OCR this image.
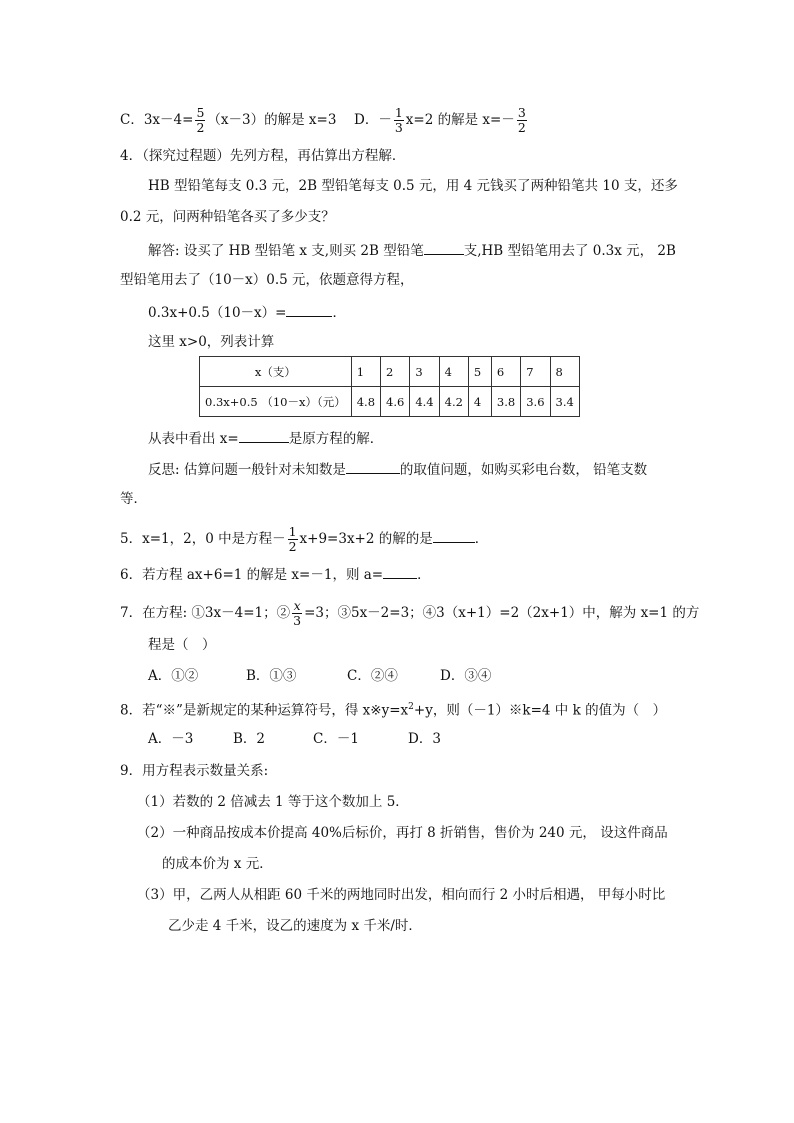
C．$3x-4= \frac{5}{2} (x-3)$的解是 x=3 D．－ $\frac{1}{3} x=2$ 的解是 $x=- \frac{3}{2}$
4．（探究过程题）先列方程，再估算出方程解．
HB 型铅笔每支 0.3 元，2B 型铅笔每支 0.5 元，用 4 元钱买了两种铅笔共 10 支，还多
0.2 元，问两种铅笔各买了多少支？
解答: 设买了 HB 型铅笔 x 支,则买 2B 型铅笔	支,HB 型铅笔用去了 0.3x 元， 2B
型铅笔用去了（10－x）0.5 元，依题意得方程，
0.3x+0.5（10－x）=	．
这里 x>0，列表计算
x（支）	1	2	3	4	5	6	7	8
0.3x+0.5 （10－x）（元）	4.8	4.6	4.4	4.2	4	3.8	3.6	3.4
从表中看出 x=	是原方程的解．
反思: 估算问题一般针对未知数是	的取值问题，如购买彩电台数， 铅笔支数
等．
5．x=1，2，0 中是方程－ $\frac{1}{2} x+9=3x+2$ 的解的是	．
6．若方程 ax+6=1 的解是 x=－1，则 a=	．
7．在方程: ①3x－4=1；② $\frac{x}{3} =3$；③5x－2=3；④3（x+1）=2（2x+1）中，解为 x=1 的方
程是（　）
A．①②	B．①③	C．②④	D．③④
8．若“※”是新规定的某种运算符号，得 $x※y=x^2+y$，则（－1）※k=4 中 k 的值为（　）
A．－3	B．2	C．－1	D．3
9．用方程表示数量关系:
（1）若数的 2 倍减去 1 等于这个数加上 5．
（2）一种商品按成本价提高 40%后标价，再打 8 折销售，售价为 240 元， 设这件商品
的成本价为 x 元．
（3）甲，乙两人从相距 60 千米的两地同时出发，相向而行 2 小时后相遇， 甲每小时比
乙少走 4 千米，设乙的速度为 x 千米/时．
